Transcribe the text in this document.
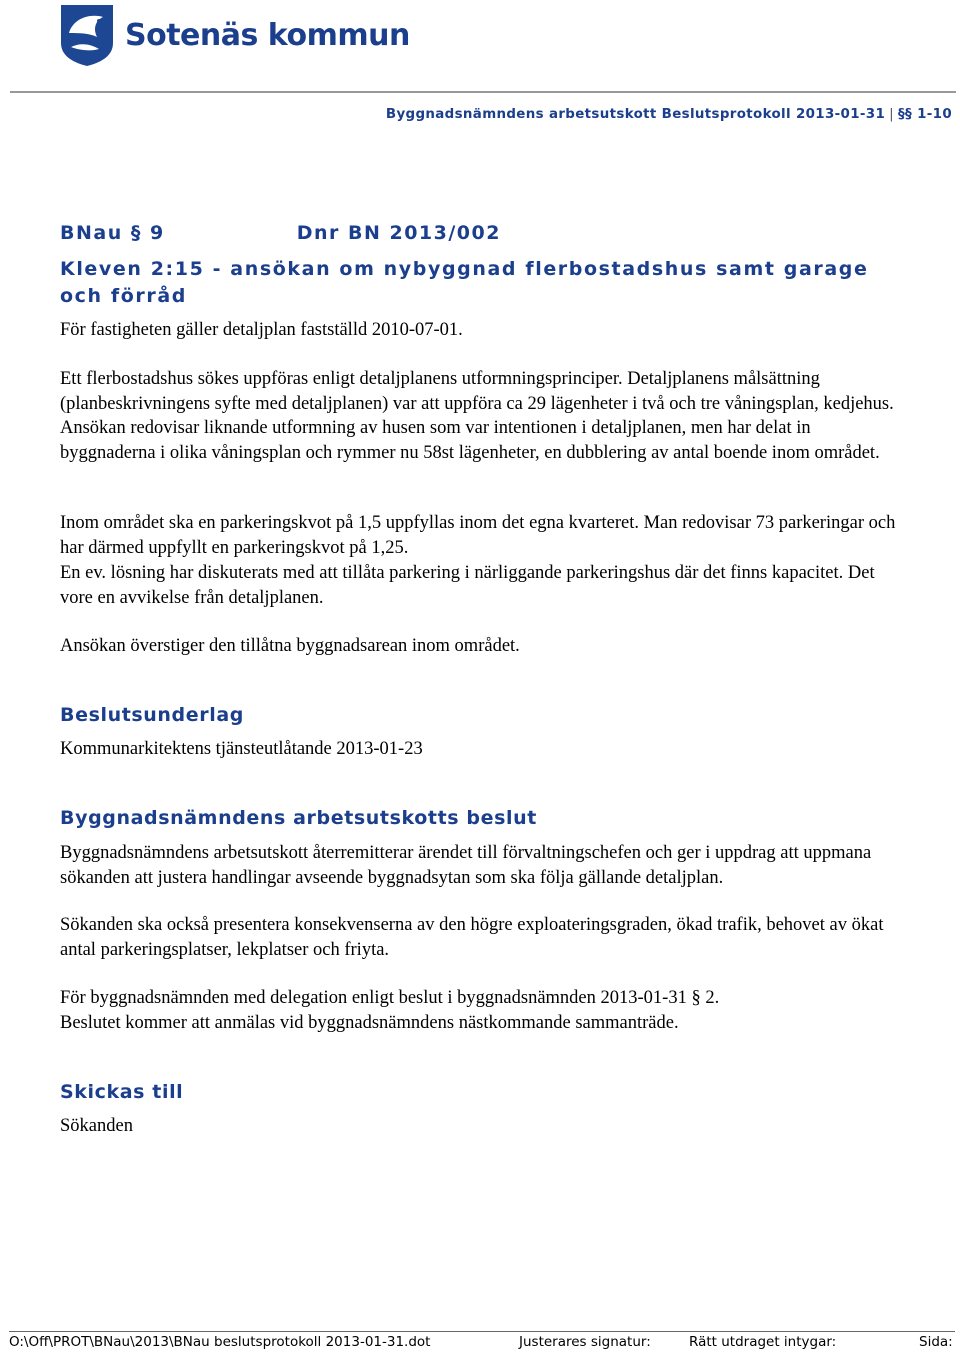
Sotenäs kommun
Byggnadsnämndens arbetsutskott Beslutsprotokoll 2013-01-31 | §§ 1-10
BNau § 9	Dnr BN 2013/002
Kleven 2:15 - ansökan om nybyggnad flerbostadshus samt garage och förråd

För fastigheten gäller detaljplan fastställd 2010-07-01.

Ett flerbostadshus sökes uppföras enligt detaljplanens utformningsprinciper. Detaljplanens målsättning (planbeskrivningens syfte med detaljplanen) var att uppföra ca 29 lägenheter i två och tre våningsplan, kedjehus. Ansökan redovisar liknande utformning av husen som var intentionen i detaljplanen, men har delat in byggnaderna i olika våningsplan och rymmer nu 58st lägenheter, en dubblering av antal boende inom området.

Inom området ska en parkeringskvot på 1,5 uppfyllas inom det egna kvarteret. Man redovisar 73 parkeringar och har därmed uppfyllt en parkeringskvot på 1,25.

En ev. lösning har diskuterats med att tillåta parkering i närliggande parkeringshus där det finns kapacitet. Det vore en avvikelse från detaljplanen.

Ansökan överstiger den tillåtna byggnadsarean inom området.

Beslutsunderlag

Kommunarkitektens tjänsteutlåtande 2013-01-23

Byggnadsnämndens arbetsutskotts beslut

Byggnadsnämndens arbetsutskott återremitterar ärendet till förvaltningschefen och ger i uppdrag att uppmana sökanden att justera handlingar avseende byggnadsytan som ska följa gällande detaljplan.

Sökanden ska också presentera konsekvenserna av den högre exploateringsgraden, ökad trafik, behovet av ökat antal parkeringsplatser, lekplatser och friyta.

För byggnadsnämnden med delegation enligt beslut i byggnadsnämnden 2013-01-31 § 2.

Beslutet kommer att anmälas vid byggnadsnämndens nästkommande sammanträde.

Skickas till

Sökanden

O:\Off\PROT\BNau\2013\BNau beslutsprotokoll 2013-01-31.dot	Justerares signatur:	Rätt utdraget intygar:	Sida:
